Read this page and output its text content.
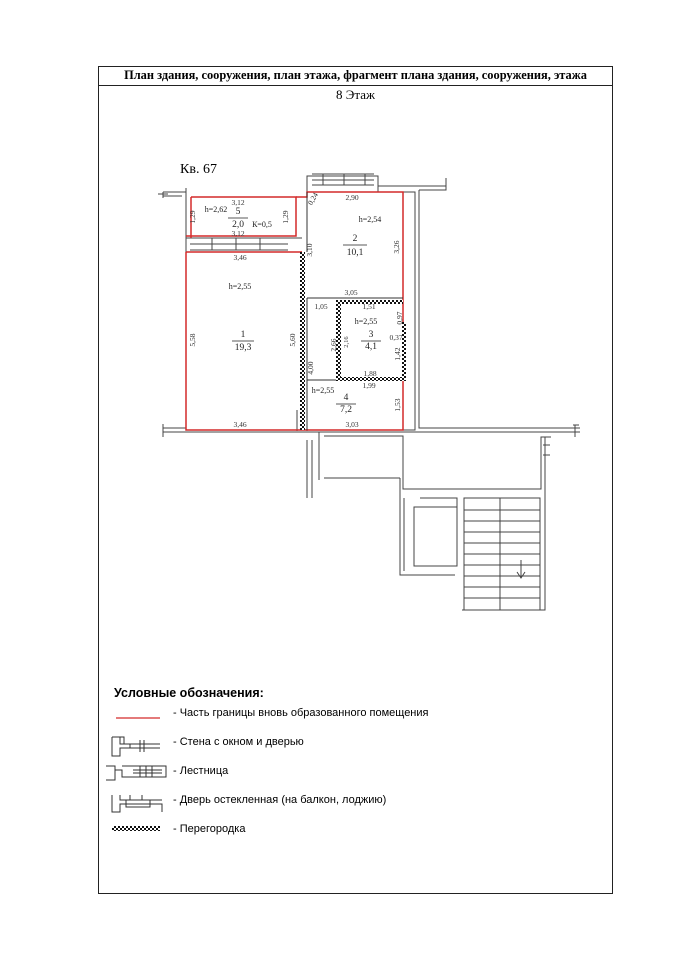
План здания, сооружения, план этажа, фрагмент плана здания, сооружения, этажа
8 Этаж
Кв. 67
1
19,3
h=2,55
2
10,1
h=2,54
3
4,1
h=2,55
4
7,2
h=2,55
5
2,0
h=2,62
К=0,5
3,12
3,12
1,29	1,29
3,46
3,46
5,58	5,60
2,90
3,26
3,10
0,24
3,05
1,05	1,51
0,97
1,88
2,66 2,16	0,37
1,42
1,99
1,53
3,03
4,00
Условные обозначения:
- Часть границы вновь образованного помещения
- Стена с окном и дверью
- Лестница
- Дверь остекленная (на балкон, лоджию)
- Перегородка
